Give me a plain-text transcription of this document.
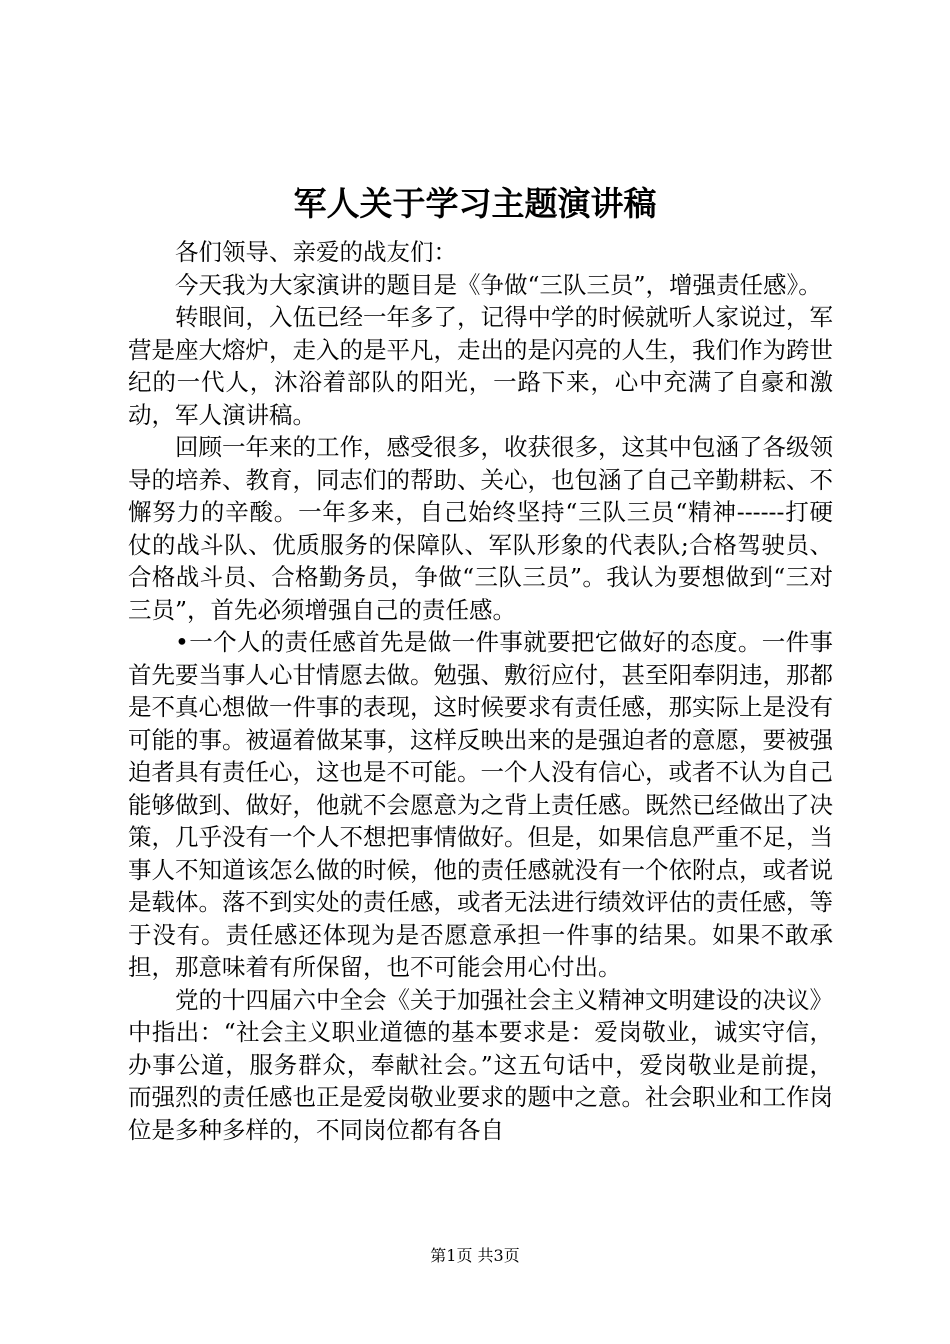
军人关于学习主题演讲稿

各们领导、亲爱的战友们：

今天我为大家演讲的题目是《争做“三队三员”，增强责任感》。

转眼间，入伍已经一年多了，记得中学的时候就听人家说过，军营是座大熔炉，走入的是平凡，走出的是闪亮的人生，我们作为跨世纪的一代人，沐浴着部队的阳光，一路下来，心中充满了自豪和激动，军人演讲稿。

回顾一年来的工作，感受很多，收获很多，这其中包涵了各级领导的培养、教育，同志们的帮助、关心，也包涵了自己辛勤耕耘、不懈努力的辛酸。一年多来，自己始终坚持“三队三员“精神------打硬仗的战斗队、优质服务的保障队、军队形象的代表队;合格驾驶员、合格战斗员、合格勤务员，争做“三队三员”。我认为要想做到“三对三员”，首先必须增强自己的责任感。

•一个人的责任感首先是做一件事就要把它做好的态度。一件事首先要当事人心甘情愿去做。勉强、敷衍应付，甚至阳奉阴违，那都是不真心想做一件事的表现，这时候要求有责任感，那实际上是没有可能的事。被逼着做某事，这样反映出来的是强迫者的意愿，要被强迫者具有责任心，这也是不可能。一个人没有信心，或者不认为自己能够做到、做好，他就不会愿意为之背上责任感。既然已经做出了决策，几乎没有一个人不想把事情做好。但是，如果信息严重不足，当事人不知道该怎么做的时候，他的责任感就没有一个依附点，或者说是载体。落不到实处的责任感，或者无法进行绩效评估的责任感，等于没有。责任感还体现为是否愿意承担一件事的结果。如果不敢承担，那意味着有所保留，也不可能会用心付出。

党的十四届六中全会《关于加强社会主义精神文明建设的决议》中指出：“社会主义职业道德的基本要求是：爱岗敬业，诚实守信，办事公道，服务群众，奉献社会。”这五句话中，爱岗敬业是前提，而强烈的责任感也正是爱岗敬业要求的题中之意。社会职业和工作岗位是多种多样的，不同岗位都有各自

第1页 共3页
